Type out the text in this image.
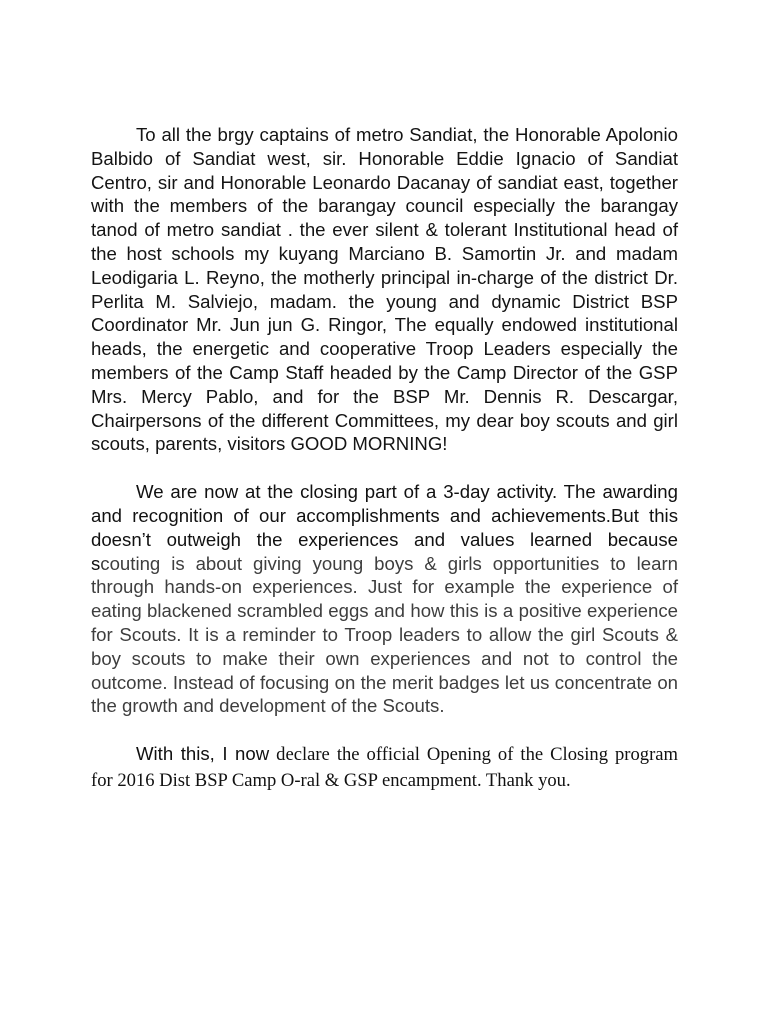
To all the brgy captains of metro Sandiat, the Honorable Apolonio Balbido of Sandiat west, sir. Honorable Eddie Ignacio of Sandiat Centro, sir and Honorable Leonardo Dacanay of sandiat east, together with the members of the barangay council especially the barangay tanod of metro sandiat . the ever silent & tolerant Institutional head of the host schools my kuyang Marciano B. Samortin Jr. and madam Leodigaria L. Reyno, the motherly principal in-charge of the district Dr. Perlita M. Salviejo, madam. the young and dynamic District BSP Coordinator Mr. Jun jun G. Ringor, The equally endowed institutional heads, the energetic and cooperative Troop Leaders especially the members of the Camp Staff headed by the Camp Director of the GSP Mrs. Mercy Pablo, and for the BSP Mr. Dennis R. Descargar, Chairpersons of the different Committees, my dear boy scouts and girl scouts, parents, visitors GOOD MORNING!

We are now at the closing part of a 3-day activity. The awarding and recognition of our accomplishments and achievements.But this doesn’t outweigh the experiences and values learned because scouting is about giving young boys & girls opportunities to learn through hands-on experiences. Just for example the experience of eating blackened scrambled eggs and how this is a positive experience for Scouts. It is a reminder to Troop leaders to allow the girl Scouts & boy scouts to make their own experiences and not to control the outcome. Instead of focusing on the merit badges let us concentrate on the growth and development of the Scouts.

With this, I now declare the official Opening of the Closing program for 2016 Dist BSP Camp O-ral & GSP encampment. Thank you.
